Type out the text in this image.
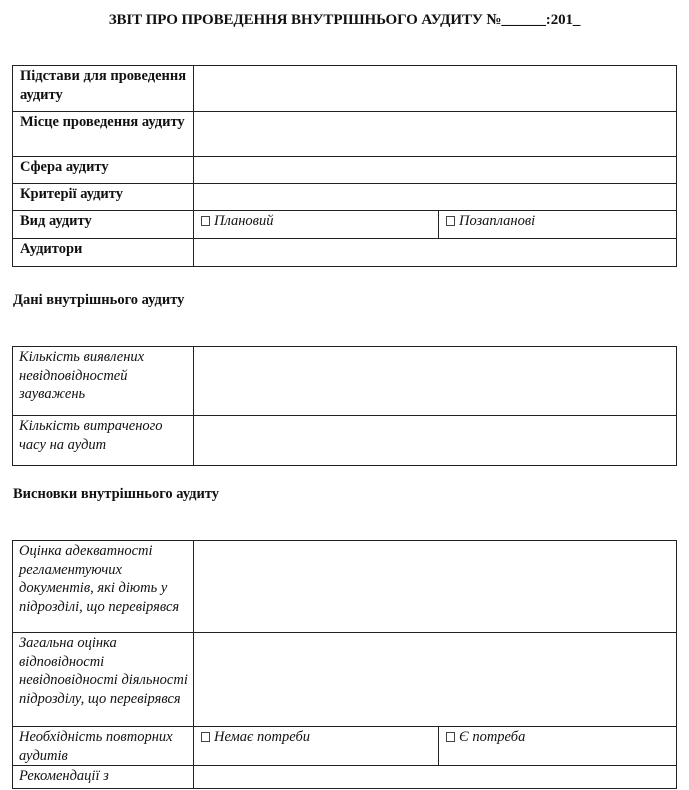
ЗВІТ ПРО ПРОВЕДЕННЯ ВНУТРІШНЬОГО АУДИТУ №______:201_
Підстави для проведення аудиту		
Місце проведення аудиту		
Сфера аудиту		
Критерії аудиту		
Вид аудиту	Плановий	Позапланові
Аудитори		
Дані внутрішнього аудиту
Кількість виявлених невідповідностей зауважень	
Кількість витраченого часу на аудит	
Висновки внутрішнього аудиту
Оцінка адекватності регламентуючих документів, які діють у підрозділі, що перевірявся		
Загальна оцінка відповідності невідповідності діяльності підрозділу, що перевірявся		
Необхідність повторних аудитів	Немає потреби	Є потреба
Рекомендації з		
